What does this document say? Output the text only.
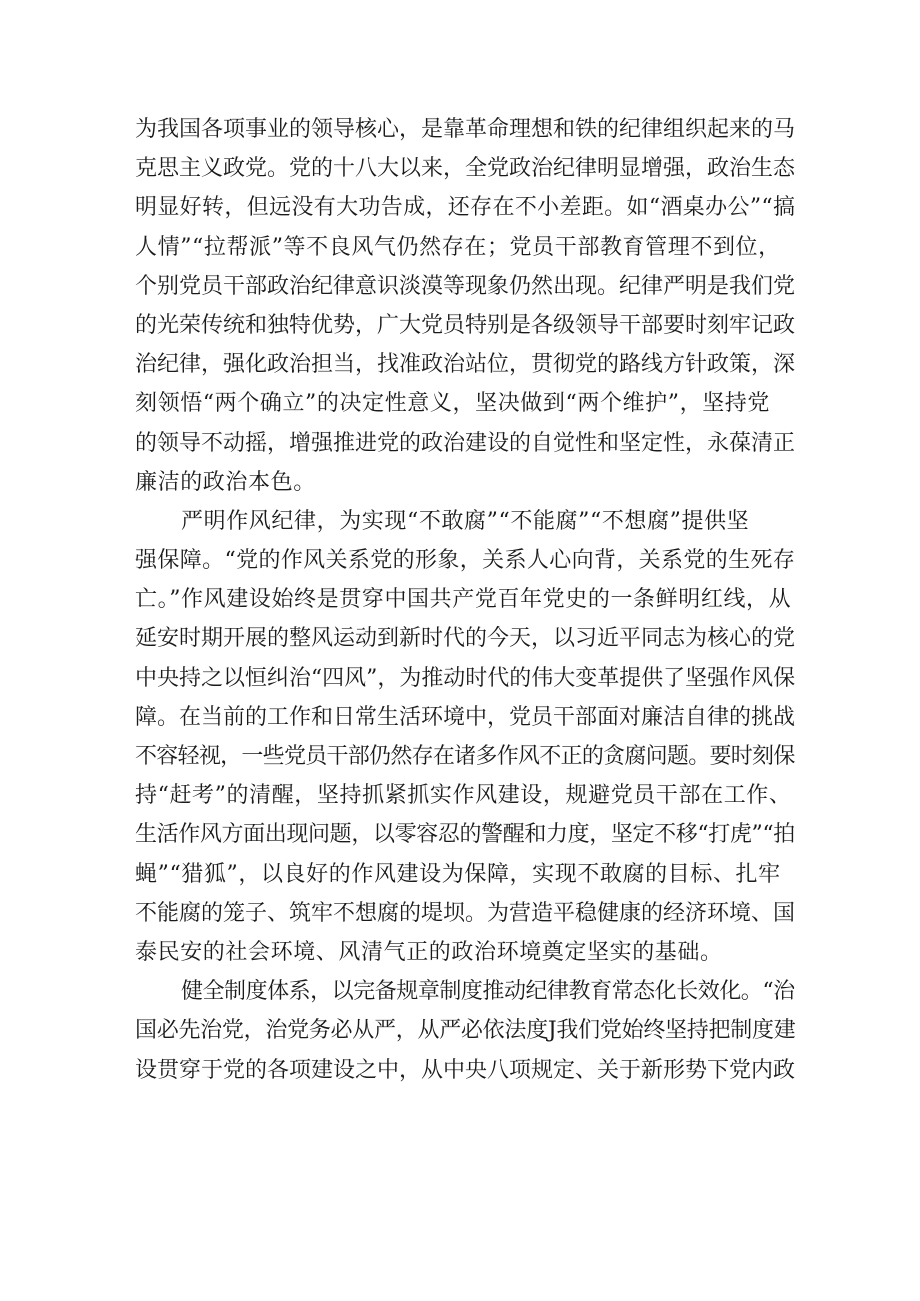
为我国各项事业的领导核心，是靠革命理想和铁的纪律组织起来的马
克思主义政党。党的十八大以来，全党政治纪律明显增强，政治生态
明显好转，但远没有大功告成，还存在不小差距。如“酒桌办公”“搞
人情”“拉帮派”等不良风气仍然存在；党员干部教育管理不到位，
个别党员干部政治纪律意识淡漠等现象仍然出现。纪律严明是我们党
的光荣传统和独特优势，广大党员特别是各级领导干部要时刻牢记政
治纪律，强化政治担当，找准政治站位，贯彻党的路线方针政策，深
刻领悟“两个确立”的决定性意义，坚决做到“两个维护”，坚持党
的领导不动摇，增强推进党的政治建设的自觉性和坚定性，永葆清正
廉洁的政治本色。
严明作风纪律，为实现“不敢腐”“不能腐”“不想腐”提供坚
强保障。“党的作风关系党的形象，关系人心向背，关系党的生死存
亡。”作风建设始终是贯穿中国共产党百年党史的一条鲜明红线，从
延安时期开展的整风运动到新时代的今天，以习近平同志为核心的党
中央持之以恒纠治“四风”，为推动时代的伟大变革提供了坚强作风保
障。在当前的工作和日常生活环境中，党员干部面对廉洁自律的挑战
不容轻视，一些党员干部仍然存在诸多作风不正的贪腐问题。要时刻保
持“赶考”的清醒，坚持抓紧抓实作风建设，规避党员干部在工作、
生活作风方面出现问题，以零容忍的警醒和力度，坚定不移“打虎”“拍
蝇”“猎狐”，以良好的作风建设为保障，实现不敢腐的目标、扎牢
不能腐的笼子、筑牢不想腐的堤坝。为营造平稳健康的经济环境、国
泰民安的社会环境、风清气正的政治环境奠定坚实的基础。
健全制度体系，以完备规章制度推动纪律教育常态化长效化。“治
国必先治党，治党务必从严，从严必依法度J我们党始终坚持把制度建
设贯穿于党的各项建设之中，从中央八项规定、关于新形势下党内政
